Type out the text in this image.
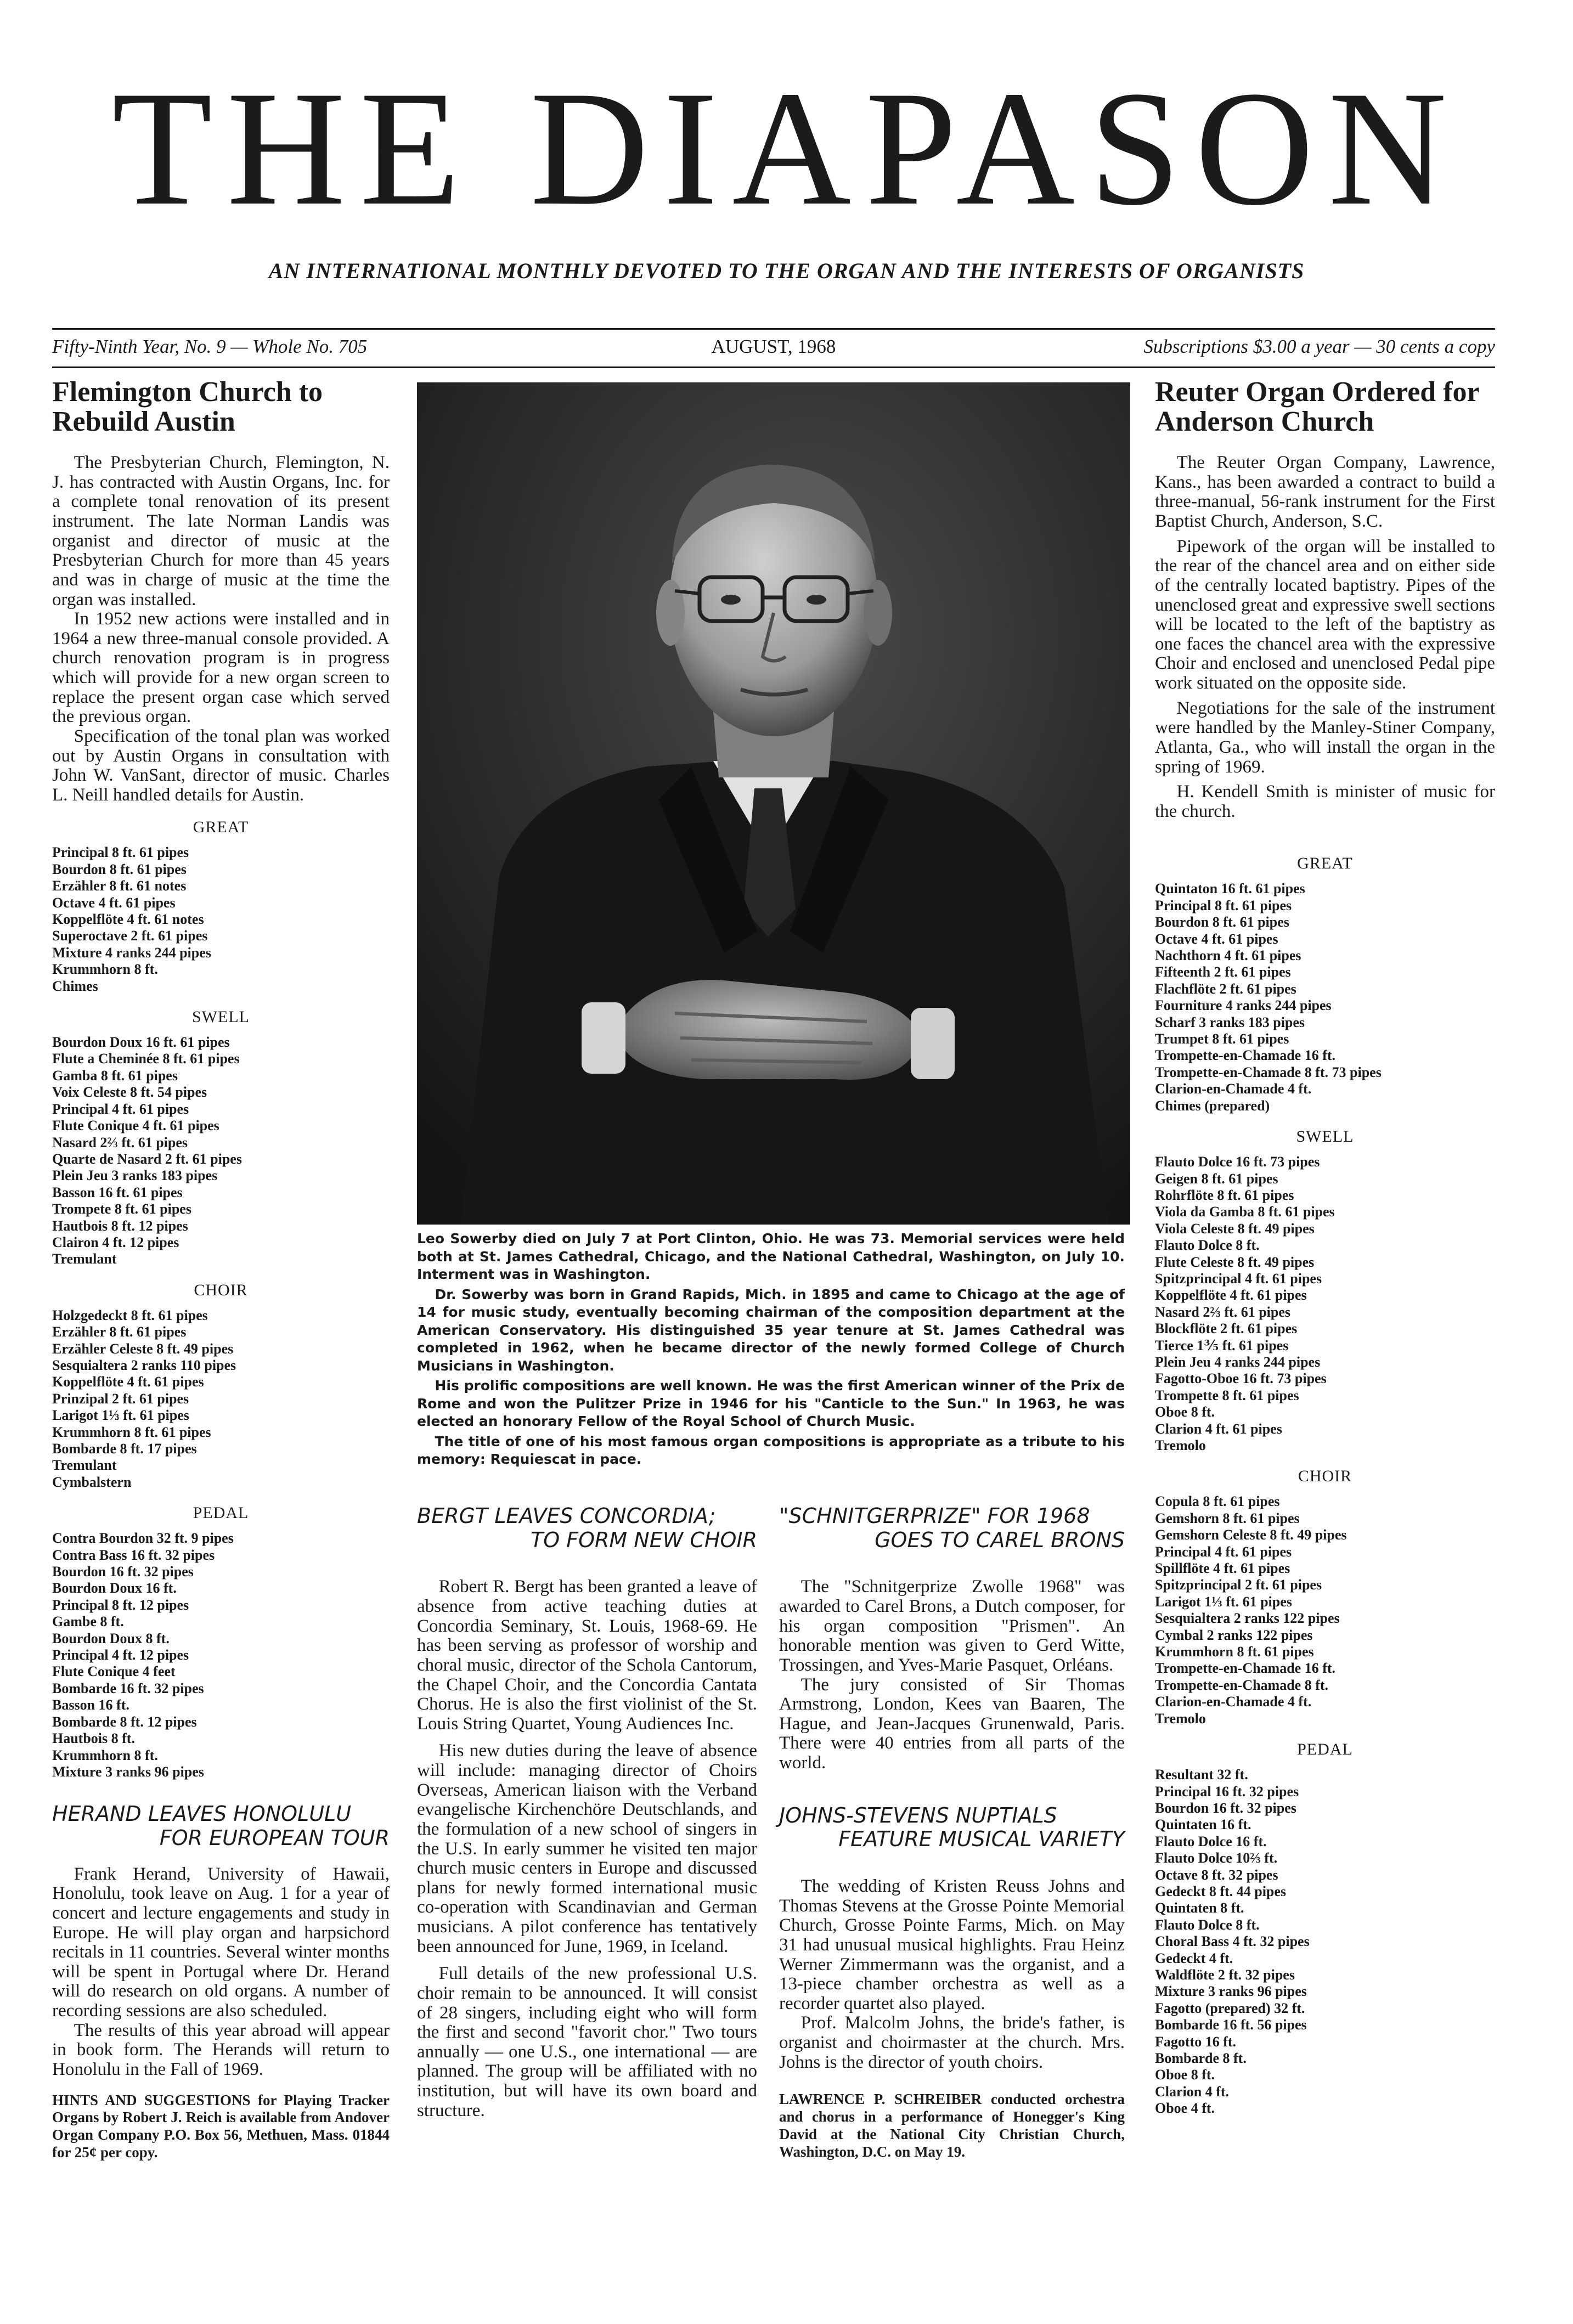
THE DIAPASON
AN INTERNATIONAL MONTHLY DEVOTED TO THE ORGAN AND THE INTERESTS OF ORGANISTS
Fifty-Ninth Year, No. 9 — Whole No. 705	AUGUST, 1968	Subscriptions $3.00 a year — 30 cents a copy
Flemington Church to Rebuild Austin

The Presbyterian Church, Flemington, N. J. has contracted with Austin Organs, Inc. for a complete tonal renovation of its present instrument. The late Norman Landis was organist and director of music at the Presbyterian Church for more than 45 years and was in charge of music at the time the organ was installed.

In 1952 new actions were installed and in 1964 a new three-manual console provided. A church renovation program is in progress which will provide for a new organ screen to replace the present organ case which served the previous organ.

Specification of the tonal plan was worked out by Austin Organs in consultation with John W. VanSant, director of music. Charles L. Neill handled details for Austin.

GREAT
Principal 8 ft. 61 pipes
Bourdon 8 ft. 61 pipes
Erzähler 8 ft. 61 notes
Octave 4 ft. 61 pipes
Koppelflöte 4 ft. 61 notes
Superoctave 2 ft. 61 pipes
Mixture 4 ranks 244 pipes
Krummhorn 8 ft.
Chimes
SWELL
Bourdon Doux 16 ft. 61 pipes
Flute a Cheminée 8 ft. 61 pipes
Gamba 8 ft. 61 pipes
Voix Celeste 8 ft. 54 pipes
Principal 4 ft. 61 pipes
Flute Conique 4 ft. 61 pipes
Nasard 2⅔ ft. 61 pipes
Quarte de Nasard 2 ft. 61 pipes
Plein Jeu 3 ranks 183 pipes
Basson 16 ft. 61 pipes
Trompete 8 ft. 61 pipes
Hautbois 8 ft. 12 pipes
Clairon 4 ft. 12 pipes
Tremulant
CHOIR
Holzgedeckt 8 ft. 61 pipes
Erzähler 8 ft. 61 pipes
Erzähler Celeste 8 ft. 49 pipes
Sesquialtera 2 ranks 110 pipes
Koppelflöte 4 ft. 61 pipes
Prinzipal 2 ft. 61 pipes
Larigot 1⅓ ft. 61 pipes
Krummhorn 8 ft. 61 pipes
Bombarde 8 ft. 17 pipes
Tremulant
Cymbalstern
PEDAL
Contra Bourdon 32 ft. 9 pipes
Contra Bass 16 ft. 32 pipes
Bourdon 16 ft. 32 pipes
Bourdon Doux 16 ft.
Principal 8 ft. 12 pipes
Gambe 8 ft.
Bourdon Doux 8 ft.
Principal 4 ft. 12 pipes
Flute Conique 4 feet
Bombarde 16 ft. 32 pipes
Basson 16 ft.
Bombarde 8 ft. 12 pipes
Hautbois 8 ft.
Krummhorn 8 ft.
Mixture 3 ranks 96 pipes
HERAND LEAVES HONOLULU
FOR EUROPEAN TOUR

Frank Herand, University of Hawaii, Honolulu, took leave on Aug. 1 for a year of concert and lecture engagements and study in Europe. He will play organ and harpsichord recitals in 11 countries. Several winter months will be spent in Portugal where Dr. Herand will do research on old organs. A number of recording sessions are also scheduled.

The results of this year abroad will appear in book form. The Herands will return to Honolulu in the Fall of 1969.

HINTS AND SUGGESTIONS for Playing Tracker Organs by Robert J. Reich is available from Andover Organ Company P.O. Box 56, Methuen, Mass. 01844 for 25¢ per copy.

Leo Sowerby died on July 7 at Port Clinton, Ohio. He was 73. Memorial services were held both at St. James Cathedral, Chicago, and the National Cathedral, Washington, on July 10. Interment was in Washington.

Dr. Sowerby was born in Grand Rapids, Mich. in 1895 and came to Chicago at the age of 14 for music study, eventually becoming chairman of the composition department at the American Conservatory. His distinguished 35 year tenure at St. James Cathedral was completed in 1962, when he became director of the newly formed College of Church Musicians in Washington.

His prolific compositions are well known. He was the first American winner of the Prix de Rome and won the Pulitzer Prize in 1946 for his "Canticle to the Sun." In 1963, he was elected an honorary Fellow of the Royal School of Church Music.

The title of one of his most famous organ compositions is appropriate as a tribute to his memory: Requiescat in pace.

BERGT LEAVES CONCORDIA;
TO FORM NEW CHOIR

Robert R. Bergt has been granted a leave of absence from active teaching duties at Concordia Seminary, St. Louis, 1968-69. He has been serving as professor of worship and choral music, director of the Schola Cantorum, the Chapel Choir, and the Concordia Cantata Chorus. He is also the first violinist of the St. Louis String Quartet, Young Audiences Inc.

His new duties during the leave of absence will include: managing director of Choirs Overseas, American liaison with the Verband evangelische Kirchenchöre Deutschlands, and the formulation of a new school of singers in the U.S. In early summer he visited ten major church music centers in Europe and discussed plans for newly formed international music co-operation with Scandinavian and German musicians. A pilot conference has tentatively been announced for June, 1969, in Iceland.

Full details of the new professional U.S. choir remain to be announced. It will consist of 28 singers, including eight who will form the first and second "favorit chor." Two tours annually — one U.S., one international — are planned. The group will be affiliated with no institution, but will have its own board and structure.

"SCHNITGERPRIZE" FOR 1968
GOES TO CAREL BRONS

The "Schnitgerprize Zwolle 1968" was awarded to Carel Brons, a Dutch composer, for his organ composition "Prismen". An honorable mention was given to Gerd Witte, Trossingen, and Yves-Marie Pasquet, Orléans.

The jury consisted of Sir Thomas Armstrong, London, Kees van Baaren, The Hague, and Jean-Jacques Grunenwald, Paris. There were 40 entries from all parts of the world.

JOHNS-STEVENS NUPTIALS
FEATURE MUSICAL VARIETY

The wedding of Kristen Reuss Johns and Thomas Stevens at the Grosse Pointe Memorial Church, Grosse Pointe Farms, Mich. on May 31 had unusual musical highlights. Frau Heinz Werner Zimmermann was the organist, and a 13-piece chamber orchestra as well as a recorder quartet also played.

Prof. Malcolm Johns, the bride's father, is organist and choirmaster at the church. Mrs. Johns is the director of youth choirs.

LAWRENCE P. SCHREIBER conducted orchestra and chorus in a performance of Honegger's King David at the National City Christian Church, Washington, D.C. on May 19.
Reuter Organ Ordered for Anderson Church

The Reuter Organ Company, Lawrence, Kans., has been awarded a contract to build a three-manual, 56-rank instrument for the First Baptist Church, Anderson, S.C.

Pipework of the organ will be installed to the rear of the chancel area and on either side of the centrally located baptistry. Pipes of the unenclosed great and expressive swell sections will be located to the left of the baptistry as one faces the chancel area with the expressive Choir and enclosed and unenclosed Pedal pipe work situated on the opposite side.

Negotiations for the sale of the instrument were handled by the Manley-Stiner Company, Atlanta, Ga., who will install the organ in the spring of 1969.

H. Kendell Smith is minister of music for the church.

GREAT
Quintaton 16 ft. 61 pipes
Principal 8 ft. 61 pipes
Bourdon 8 ft. 61 pipes
Octave 4 ft. 61 pipes
Nachthorn 4 ft. 61 pipes
Fifteenth 2 ft. 61 pipes
Flachflöte 2 ft. 61 pipes
Fourniture 4 ranks 244 pipes
Scharf 3 ranks 183 pipes
Trumpet 8 ft. 61 pipes
Trompette-en-Chamade 16 ft.
Trompette-en-Chamade 8 ft. 73 pipes
Clarion-en-Chamade 4 ft.
Chimes (prepared)
SWELL
Flauto Dolce 16 ft. 73 pipes
Geigen 8 ft. 61 pipes
Rohrflöte 8 ft. 61 pipes
Viola da Gamba 8 ft. 61 pipes
Viola Celeste 8 ft. 49 pipes
Flauto Dolce 8 ft.
Flute Celeste 8 ft. 49 pipes
Spitzprincipal 4 ft. 61 pipes
Koppelflöte 4 ft. 61 pipes
Nasard 2⅔ ft. 61 pipes
Blockflöte 2 ft. 61 pipes
Tierce 1⅗ ft. 61 pipes
Plein Jeu 4 ranks 244 pipes
Fagotto-Oboe 16 ft. 73 pipes
Trompette 8 ft. 61 pipes
Oboe 8 ft.
Clarion 4 ft. 61 pipes
Tremolo
CHOIR
Copula 8 ft. 61 pipes
Gemshorn 8 ft. 61 pipes
Gemshorn Celeste 8 ft. 49 pipes
Principal 4 ft. 61 pipes
Spillflöte 4 ft. 61 pipes
Spitzprincipal 2 ft. 61 pipes
Larigot 1⅓ ft. 61 pipes
Sesquialtera 2 ranks 122 pipes
Cymbal 2 ranks 122 pipes
Krummhorn 8 ft. 61 pipes
Trompette-en-Chamade 16 ft.
Trompette-en-Chamade 8 ft.
Clarion-en-Chamade 4 ft.
Tremolo
PEDAL
Resultant 32 ft.
Principal 16 ft. 32 pipes
Bourdon 16 ft. 32 pipes
Quintaten 16 ft.
Flauto Dolce 16 ft.
Flauto Dolce 10⅔ ft.
Octave 8 ft. 32 pipes
Gedeckt 8 ft. 44 pipes
Quintaten 8 ft.
Flauto Dolce 8 ft.
Choral Bass 4 ft. 32 pipes
Gedeckt 4 ft.
Waldflöte 2 ft. 32 pipes
Mixture 3 ranks 96 pipes
Fagotto (prepared) 32 ft.
Bombarde 16 ft. 56 pipes
Fagotto 16 ft.
Bombarde 8 ft.
Oboe 8 ft.
Clarion 4 ft.
Oboe 4 ft.
